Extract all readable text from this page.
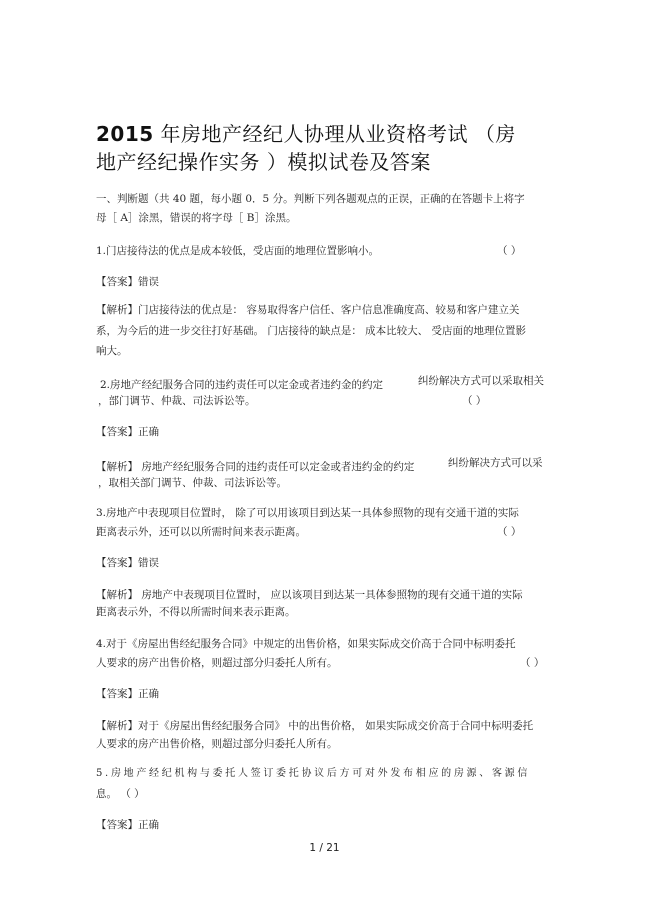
2015 年房地产经纪人协理从业资格考试 （房
地产经纪操作实务 ）模拟试卷及答案
一、判断题（共 40 题，每小题 0．5 分。判断下列各题观点的正误，正确的在答题卡上将字
母［ A］涂黑，错误的将字母［ B］涂黑。
1.门店接待法的优点是成本较低，受店面的地理位置影响小。	（ ）
【答案】错误
【解析】门店接待法的优点是： 容易取得客户信任、客户信息准确度高、较易和客户建立关
系，为今后的进一步交往打好基础。 门店接待的缺点是： 成本比较大、 受店面的地理位置影
响大。
2.房地产经纪服务合同的违约责任可以定金或者违约金的约定	纠纷解决方式可以采取相关
，部门调节、仲裁、司法诉讼等。	（ ）
【答案】正确
【解析】 房地产经纪服务合同的违约责任可以定金或者违约金的约定	纠纷解决方式可以采
，取相关部门调节、仲裁、司法诉讼等。
3.房地产中表现项目位置时， 除了可以用该项目到达某一具体参照物的现有交通干道的实际
距离表示外，还可以以所需时间来表示距离。	（ ）
【答案】错误
【解析】 房地产中表现项目位置时， 应以该项目到达某一具体参照物的现有交通干道的实际
距离表示外，不得以所需时间来表示距离。
4.对于《房屋出售经纪服务合同》中规定的出售价格，如果实际成交价高于合同中标明委托
人要求的房产出售价格，则超过部分归委托人所有。	（ ）
【答案】正确
【解析】对于《房屋出售经纪服务合同》 中的出售价格， 如果实际成交价高于合同中标明委托
人要求的房产出售价格，则超过部分归委托人所有。
5.房地产经纪机构与委托人签订委托协议后方可对外发布相应的房源、客源信
息。 （ ）
【答案】正确
1 / 21
